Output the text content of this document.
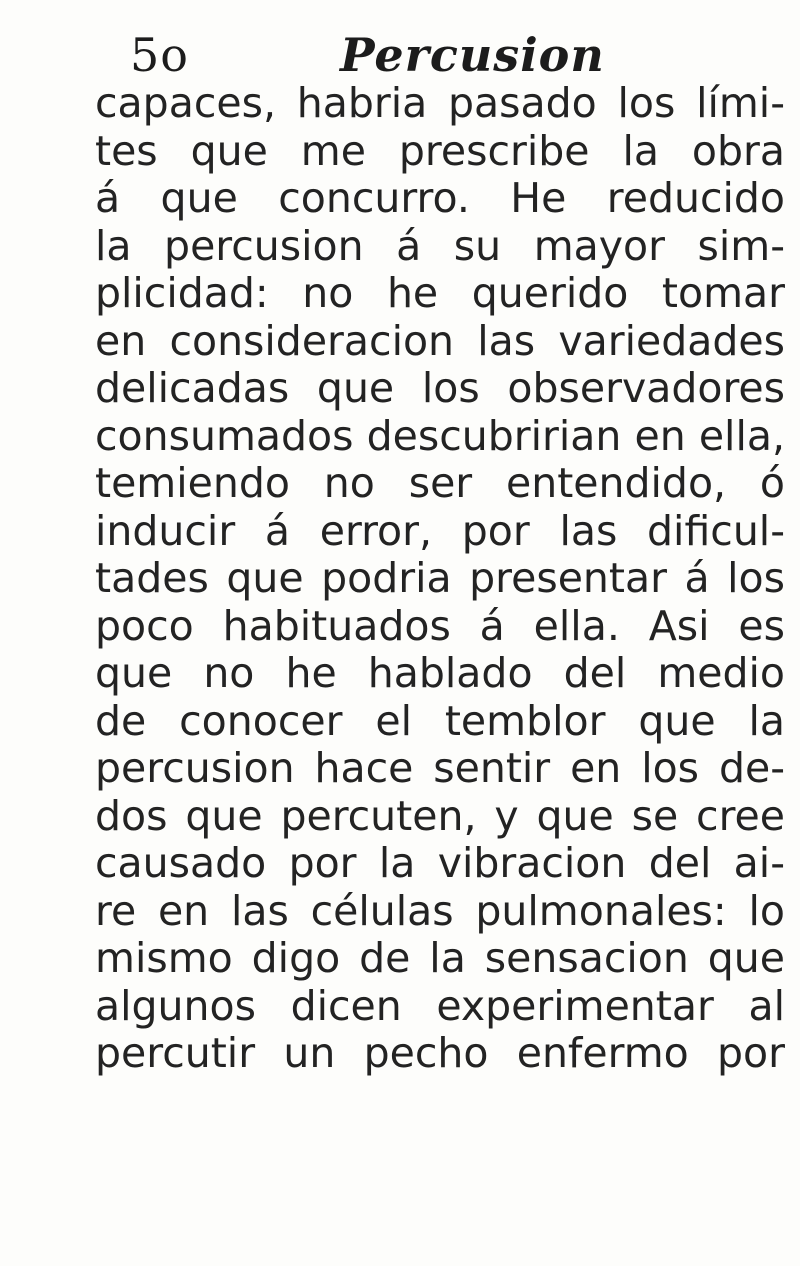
5o	Percusion
capaces, habria pasado los lími-
tes que me prescribe la obra
á que concurro. He reducido
la percusion á su mayor sim-
plicidad: no he querido tomar
en consideracion las variedades
delicadas que los observadores
consumados descubririan en ella,
temiendo no ser entendido, ó
inducir á error, por las dificul-
tades que podria presentar á los
poco habituados á ella. Asi es
que no he hablado del medio
de conocer el temblor que la
percusion hace sentir en los de-
dos que percuten, y que se cree
causado por la vibracion del ai-
re en las células pulmonales: lo
mismo digo de la sensacion que
algunos dicen experimentar al
percutir un pecho enfermo por
